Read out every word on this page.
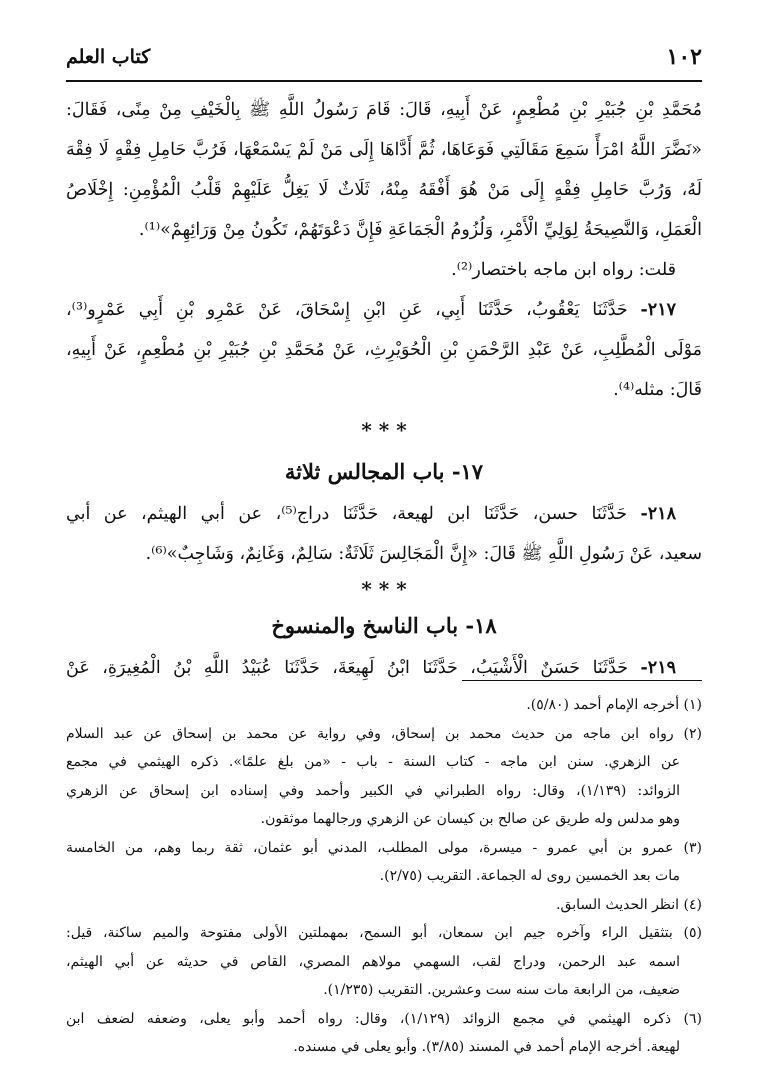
١٠٢
كتاب العلم
مُحَمَّدِ بْنِ جُبَيْرِ بْنِ مُطْعِمٍ، عَنْ أَبِيهِ، قَالَ: قَامَ رَسُولُ اللَّهِ ﷺ بِالْخَيْفِ مِنْ مِنًى، فَقَالَ:
«نَضَّرَ اللَّهُ امْرَأً سَمِعَ مَقَالَتِي فَوَعَاهَا، ثُمَّ أَدَّاهَا إِلَى مَنْ لَمْ يَسْمَعْهَا، فَرُبَّ حَامِلِ فِقْهٍ لَا فِقْهَ
لَهُ، وَرُبَّ حَامِلِ فِقْهٍ إِلَى مَنْ هُوَ أَفْقَهُ مِنْهُ، ثَلَاثٌ لَا يَغِلُّ عَلَيْهِمْ قَلْبُ الْمُؤْمِنِ: إِخْلَاصُ
الْعَمَلِ، وَالنَّصِيحَةُ لِوَلِيِّ الْأَمْرِ، وَلُزُومُ الْجَمَاعَةِ فَإِنَّ دَعْوَتَهُمْ، تَكُونُ مِنْ وَرَائِهِمْ»⁽¹⁾.
قلت: رواه ابن ماجه باختصار⁽²⁾.
٢١٧- حَدَّثَنَا يَعْقُوبُ، حَدَّثَنَا أَبِي، عَنِ ابْنِ إِسْحَاقَ، عَنْ عَمْرِو بْنِ أَبِي عَمْرٍو⁽³⁾،
مَوْلَى الْمُطَّلِبِ، عَنْ عَبْدِ الرَّحْمَنِ بْنِ الْحُوَيْرِثِ، عَنْ مُحَمَّدِ بْنِ جُبَيْرِ بْنِ مُطْعِمٍ، عَنْ أَبِيهِ،
قَالَ: مثله⁽⁴⁾.
* * *
١٧- باب المجالس ثلاثة
٢١٨- حَدَّثَنَا حسن، حَدَّثَنَا ابن لهيعة، حَدَّثَنَا دراج⁽⁵⁾، عن أبي الهيثم، عن أبي
سعيد، عَنْ رَسُولِ اللَّهِ ﷺ قَالَ: «إِنَّ الْمَجَالِسَ ثَلَاثَةٌ: سَالِمٌ، وَغَانِمٌ، وَشَاجِبٌ»⁽⁶⁾.
* * *
١٨- باب الناسخ والمنسوخ
٢١٩- حَدَّثَنَا حَسَنٌ الْأَشْيَبُ، حَدَّثَنَا ابْنُ لَهِيعَةَ، حَدَّثَنَا عُبَيْدُ اللَّهِ بْنُ الْمُغِيرَةِ، عَنْ
(١) أخرجه الإمام أحمد (٥/٨٠).
(٢) رواه ابن ماجه من حديث محمد بن إسحاق، وفي رواية عن محمد بن إسحاق عن عبد السلام
عن الزهري. سنن ابن ماجه - كتاب السنة - باب - «من بلغ علمًا». ذكره الهيثمي في مجمع
الزوائد: (١/١٣٩)، وقال: رواه الطبراني في الكبير وأحمد وفي إسناده ابن إسحاق عن الزهري
وهو مدلس وله طريق عن صالح بن كيسان عن الزهري ورجالهما موثقون.
(٣) عمرو بن أبي عمرو - ميسرة، مولى المطلب، المدني أبو عثمان، ثقة ربما وهم، من الخامسة
مات بعد الخمسين روى له الجماعة. التقريب (٢/٧٥).
(٤) انظر الحديث السابق.
(٥) بتثقيل الراء وآخره جيم ابن سمعان، أبو السمح، بمهملتين الأولى مفتوحة والميم ساكنة، قيل:
اسمه عبد الرحمن، ودراج لقب، السهمي مولاهم المصري، القاص في حديثه عن أبي الهيثم،
ضعيف، من الرابعة مات سنه ست وعشرين. التقريب (١/٢٣٥).
(٦) ذكره الهيثمي في مجمع الزوائد (١/١٢٩)، وقال: رواه أحمد وأبو يعلى، وضعفه لضعف ابن
لهيعة. أخرجه الإمام أحمد في المسند (٣/٨٥). وأبو يعلى في مسنده.
